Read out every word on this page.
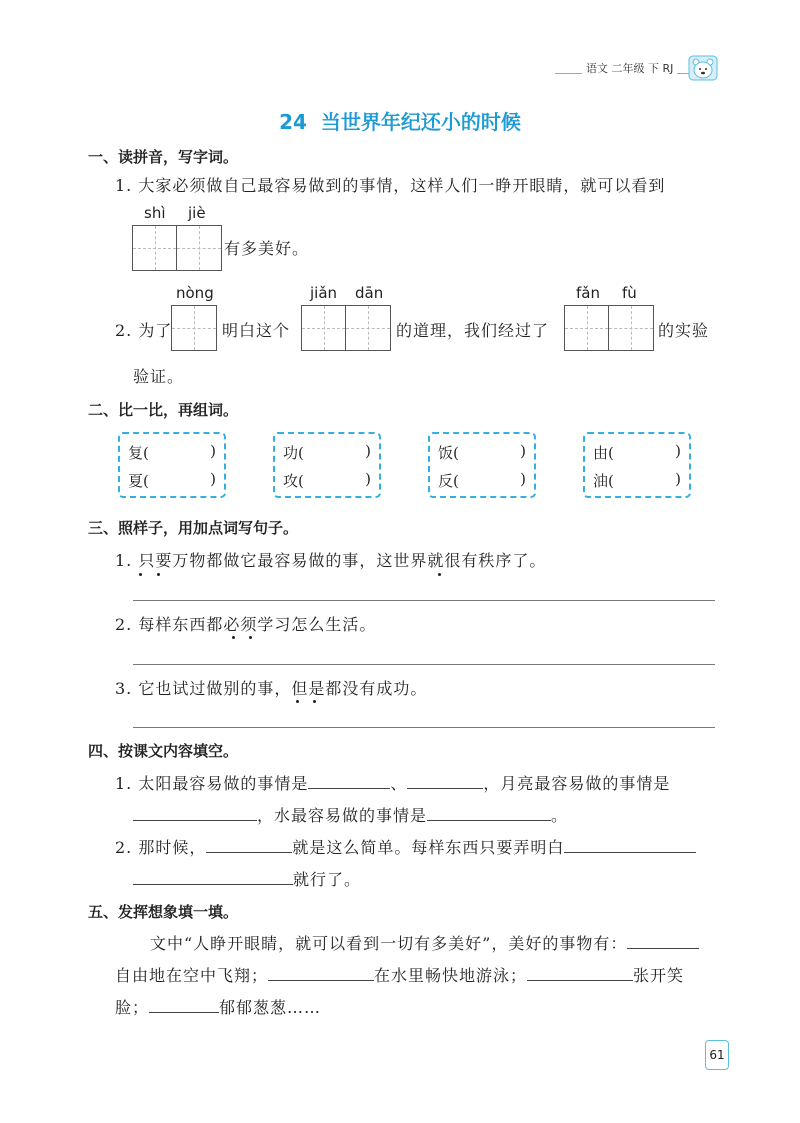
语文 二年级 下 RJ
24 当世界年纪还小的时候
一、读拼音，写字词。
1. 大家必须做自己最容易做到的事情，这样人们一睁开眼睛，就可以看到
shì jiè
有多美好。
nòng	jiǎn dān	fǎn fù
2. 为了	明白这个	的道理，我们经过了	的实验
验证。
二、比一比，再组词。
复(	)
夏(	)
功(	)
攻(	)
饭(	)
反(	)
由(	)
油(	)
三、照样子，用加点词写句子。
1. 只要万物都做它最容易做的事，这世界就很有秩序了。
2. 每样东西都必须学习怎么生活。
3. 它也试过做别的事，但是都没有成功。
四、按课文内容填空。
1. 太阳最容易做的事情是	、	，月亮最容易做的事情是
，水最容易做的事情是	。
2. 那时候，	就是这么简单。每样东西只要弄明白
就行了。
五、发挥想象填一填。
文中“人睁开眼睛，就可以看到一切有多美好”，美好的事物有：
自由地在空中飞翔；	在水里畅快地游泳；	张开笑
脸；	郁郁葱葱……
61
